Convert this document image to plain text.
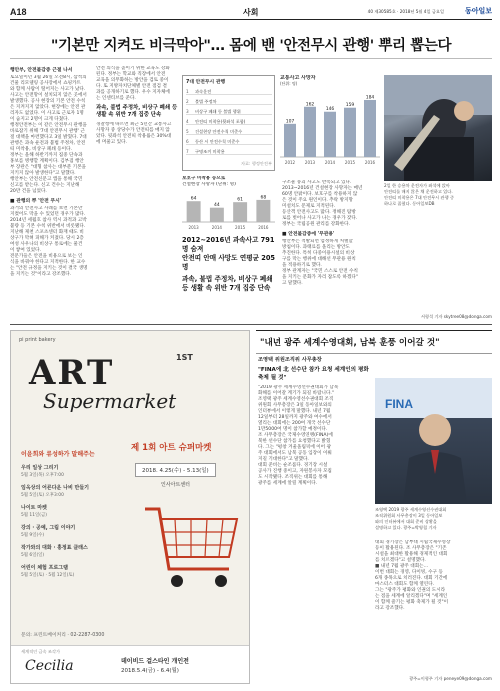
A18	사회	40 제30585호 · 2018년 5월 4일 금요일	동아일보
"기본만 지켜도 비극막아"… 몸에 밴 '안전무시 관행' 뿌리 뽑는다
행안부, 안전불감증 근절 나서
토요일이던 3월 26일 오전8시, 삼척의
건물 리모델링 공사장에서 쇼핑카트
와 함께 사람이 떨어지는 사고가 났다.
사고는 안전망이 설치되지 않은 곳에서
발생했다. 공사 현장의 기본 안전 수칙
은 지켜지지 않았다. 현장에는 안전 관
리자도 없었다. 이 사고로 근로자 1명
이 숨지고 2명이 크게 다쳤다.
행정안전부는 이 같은 안전무시 관행을
바로잡기 위해 '7대 안전무시 관행' 근
절 대책을 마련했다고 3일 밝혔다. 7대
관행은 과속 운전과 불법 주정차, 안전
띠 미착용, 비상구 폐쇄 등이다.
정부는 올해 하반기까지 집중 단속과
홍보를 병행할 계획이다. 김부겸 행안
부 장관은 "대형 참사는 대부분 기본을
지키지 않아 발생한다"고 말했다.
행안부는 안전신문고 앱을 통해 국민
신고를 받는다. 신고 건수는 지난해
20만 건을 넘었다.
■ 관행의 뿌 '안전 무시'
과거의 안전사고 사례를 보면 기본만
지켰어도 막을 수 있었던 경우가 많다.
2014년 세월호 참사 역시 과적과 고박
불량 등 기본 수칙 위반에서 비롯됐다.
지난해 제천 스포츠센터 화재 때도 비
상구가 막혀 피해가 커졌다. 당시 2층
여성 사우나의 비상구 통로에는 물건
이 쌓여 있었다.
전문가들은 안전을 비용으로 보는 인
식을 바꿔야 한다고 지적한다. 한 교수
는 "안전 규정을 지키는 것이 결국 생명
을 지키는 것"이라고 강조했다.
안전 의식을 높이기 위한 교육도 강화
된다. 정부는 학교와 직장에서 안전
교육을 의무화하는 방안을 검토 중이
다. 또 지방자치단체별 안전 점검 결
과를 공개하기로 했다. 우수 지자체에
는 인센티브를 준다.
과속, 불법 주정차, 비상구 폐쇄 등 생활 속 위반 7개 집중 단속
경찰청에 따르면 최근 5년간 교통사고
사망자 중 상당수가 안전띠를 매지 않
았다. 뒷좌석 안전띠 착용률은 30%대
에 머물고 있다.
2012~2016년 과속사고 791명 숨져
안전띠 안매 사망도 연평균 205명
과속, 불법 주정차, 비상구 폐쇄 등 생활 속 위반 7개 집중 단속
7대 안전무시 관행
1 과속운전
2 불법 주정차
3 비상구 폐쇄 등 불법 행위
4 안전띠 미착용(뒷좌석 포함)
5 건설현장 안전수칙 미준수
6 등산 시 안전수칙 미준수
7 구명조끼 미착용
자료: 행정안전부
보호구 미착용 등으로
건설현장 사망자 (단위: 명)
64
2013
44
2014
61
2015
68
2016
교통사고 사망자
(단위: 명)
107
2012
162
2013
146
2014
159
2015
184
2016
2일 한 승용차 운전자가 좌석에 앉아
안전띠를 매지 않은 채 운전하고 있다.
안전띠 미착용은 7대 안전무시 관행 중
하나로 꼽혔다. 동아일보DB
구조물 붕괴 사고도 반복되고 있다.
2013~2016년 건설현장 사망자는 매년
60명 안팎이다. 보호구를 착용하지 않
은 것이 주요 원인이다. 추락 방지망
미설치도 문제로 지적된다.
등산객 안전사고도 많다. 정해진 탐방
로를 벗어나 사고가 나는 경우가 잦다.
정부는 국립공원 관리를 강화한다.
■ 안전불감증에 '무관용'
행안부는 적발되면 엄정하게 처벌할
방침이다. 과태료를 올리는 방안도
추진한다. 특히 다중이용시설의 비상
구를 막는 행위에 대해선 무관용 원칙
을 적용하기로 했다.
정부 관계자는 "국민 스스로 안전 수칙
을 지키는 문화가 자리 잡도록 하겠다"
고 말했다.
서형석 기자 skytree08@donga.com
pi print bakery
ART
Supermarket
1ST
제 1회 아트 슈퍼마켓
2018. 4.25(수) - 5.13(일)
인사아트센터
이윤희와 류성하가 말해주는
우리 일상 그리기
5월 3일(목) 오후7:00
임옥상의 어른다운 나비 만들기
5월 5일(토) 오후3:00
나이트 마켓
5월 11일(금)
강의 · 공예, 그림 이야기
5월 9일(수)
작가와의 대화 · 홍정표 클래스
5월 6일(일)
어린이 체험 프로그램
5월 5일(토) · 5월 12일(토)
문의: 프린트베이커리 · 02-2287-0300
세계적인 금속 조각가
Cecilia	데이비드 걸스타인 개인전
2018.5.4(금) - 6.4(월)
"내년 광주 세계수영대회, 남북 훈풍 이어갈 것"
조영택 위원조직위 사무총장
"FINA에 北 선수단 참가 요청 세계인의 평화축제 될 것"
"2019 광주 세계수영선수권대회가 남북
화해를 이어갈 계기가 되길 바랍니다."
조영택 광주 세계수영선수권대회 조직
위원회 사무총장은 3일 동아일보와의
인터뷰에서 이렇게 말했다. 내년 7월
12일부터 28일까지 광주와 여수에서
열리는 대회에는 200여 개국 선수단
1만5000여 명이 참가할 예정이다.
조 사무총장은 국제수영연맹(FINA)에
북한 선수단 참가를 요청했다고 밝혔
다. 그는 "평창 겨울올림픽에 이어 광
주 대회에서도 남북 공동 입장이 이뤄
지길 기대한다"고 말했다.
대회 준비는 순조롭다. 경기장 시설
공사가 진행 중이고, 자원봉사자 모집
도 시작됐다. 조직위는 대회를 통해
광주를 세계에 알릴 계획이다.
FINA
조영택 2019 광주 세계수영선수권대회
조직위원회 사무총장이 3일 동아일보
와의 인터뷰에서 대회 준비 상황을
설명하고 있다. 광주=박영철 기자
대회 경기장은 남부대 시립국제수영장
등이 활용된다. 조 사무총장은 "기존
시설을 최대한 활용해 경제적인 대회
를 치르겠다"고 설명했다.
■ 내년 7월 광주 대회는…
이번 대회는 경영, 다이빙, 수구 등
6개 종목으로 치러진다. 대회 기간에
마스터스 대회도 함께 열린다.
그는 "광주가 평화와 인권의 도시라
는 점을 세계에 알리겠다"며 "세계인
이 함께 즐기는 평화 축제가 될 것"이
라고 강조했다.
광주=이형주 기자 peneye09@donga.com
